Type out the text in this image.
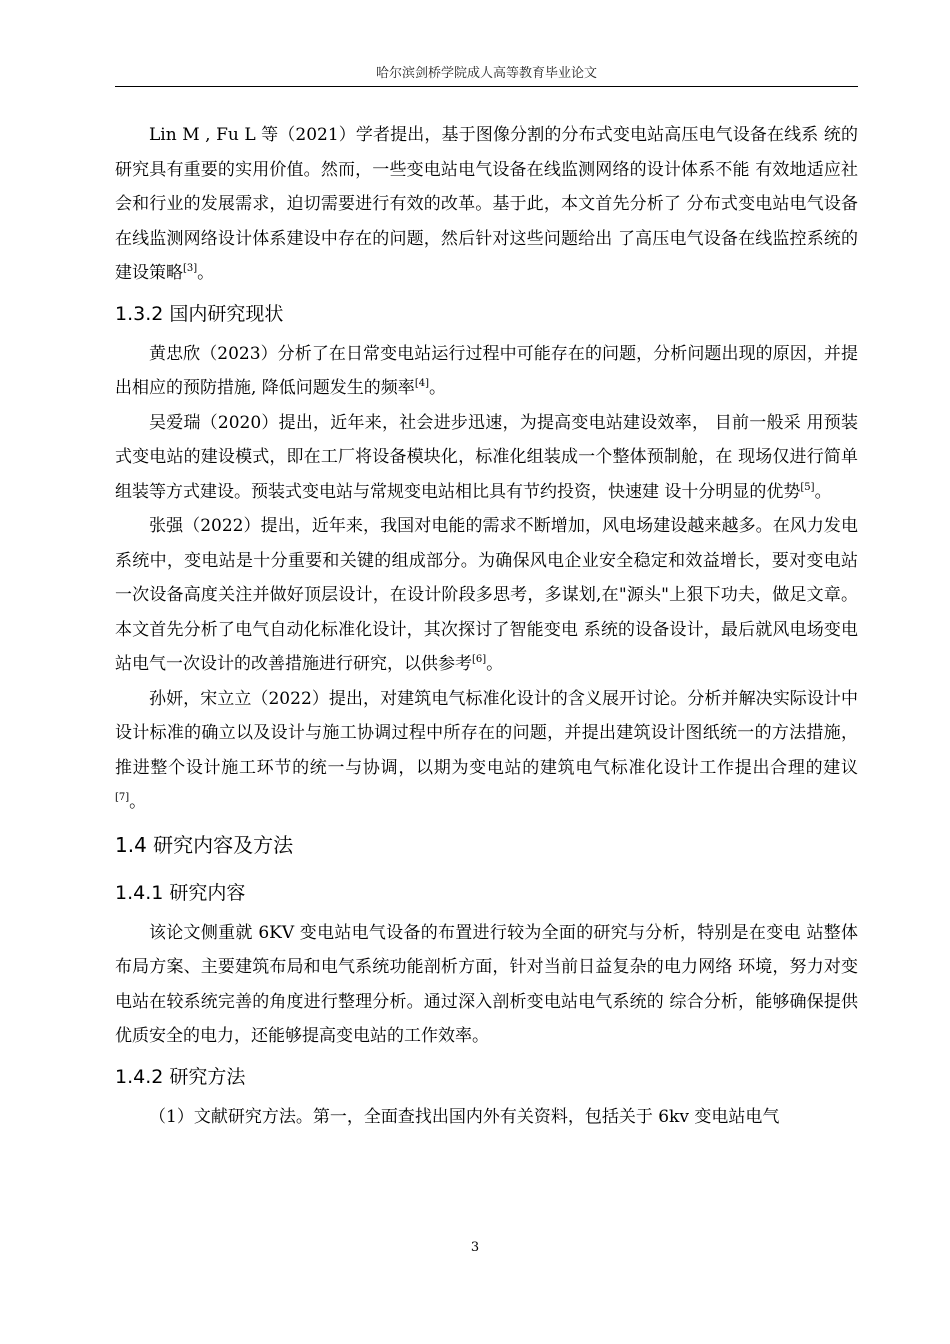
哈尔滨剑桥学院成人高等教育毕业论文

Lin M , Fu L 等（2021）学者提出，基于图像分割的分布式变电站高压电气设备在线系 统的研究具有重要的实用价值。然而，一些变电站电气设备在线监测网络的设计体系不能 有效地适应社会和行业的发展需求，迫切需要进行有效的改革。基于此，本文首先分析了 分布式变电站电气设备在线监测网络设计体系建设中存在的问题，然后针对这些问题给出 了高压电气设备在线监控系统的建设策略[3]。

1.3.2 国内研究现状

黄忠欣（2023）分析了在日常变电站运行过程中可能存在的问题，分析问题出现的原因，并提出相应的预防措施, 降低问题发生的频率[4]。

吴爱瑞（2020）提出，近年来，社会进步迅速，为提高变电站建设效率， 目前一般采 用预装式变电站的建设模式，即在工厂将设备模块化，标准化组装成一个整体预制舱，在 现场仅进行简单组装等方式建设。预装式变电站与常规变电站相比具有节约投资，快速建 设十分明显的优势[5]。

张强（2022）提出，近年来，我国对电能的需求不断增加，风电场建设越来越多。在风力发电系统中，变电站是十分重要和关键的组成部分。为确保风电企业安全稳定和效益增长，要对变电站一次设备高度关注并做好顶层设计，在设计阶段多思考，多谋划,在"源头"上狠下功夫，做足文章。本文首先分析了电气自动化标准化设计，其次探讨了智能变电 系统的设备设计，最后就风电场变电站电气一次设计的改善措施进行研究，以供参考[6]。

孙妍，宋立立（2022）提出，对建筑电气标准化设计的含义展开讨论。分析并解决实际设计中设计标准的确立以及设计与施工协调过程中所存在的问题，并提出建筑设计图纸统一的方法措施，推进整个设计施工环节的统一与协调，以期为变电站的建筑电气标准化设计工作提出合理的建议[7]。

1.4 研究内容及方法
1.4.1 研究内容

该论文侧重就 6KV 变电站电气设备的布置进行较为全面的研究与分析，特别是在变电 站整体布局方案、主要建筑布局和电气系统功能剖析方面，针对当前日益复杂的电力网络 环境，努力对变电站在较系统完善的角度进行整理分析。通过深入剖析变电站电气系统的 综合分析，能够确保提供优质安全的电力，还能够提高变电站的工作效率。

1.4.2 研究方法

（1）文献研究方法。第一，全面查找出国内外有关资料，包括关于 6kv 变电站电气

3
